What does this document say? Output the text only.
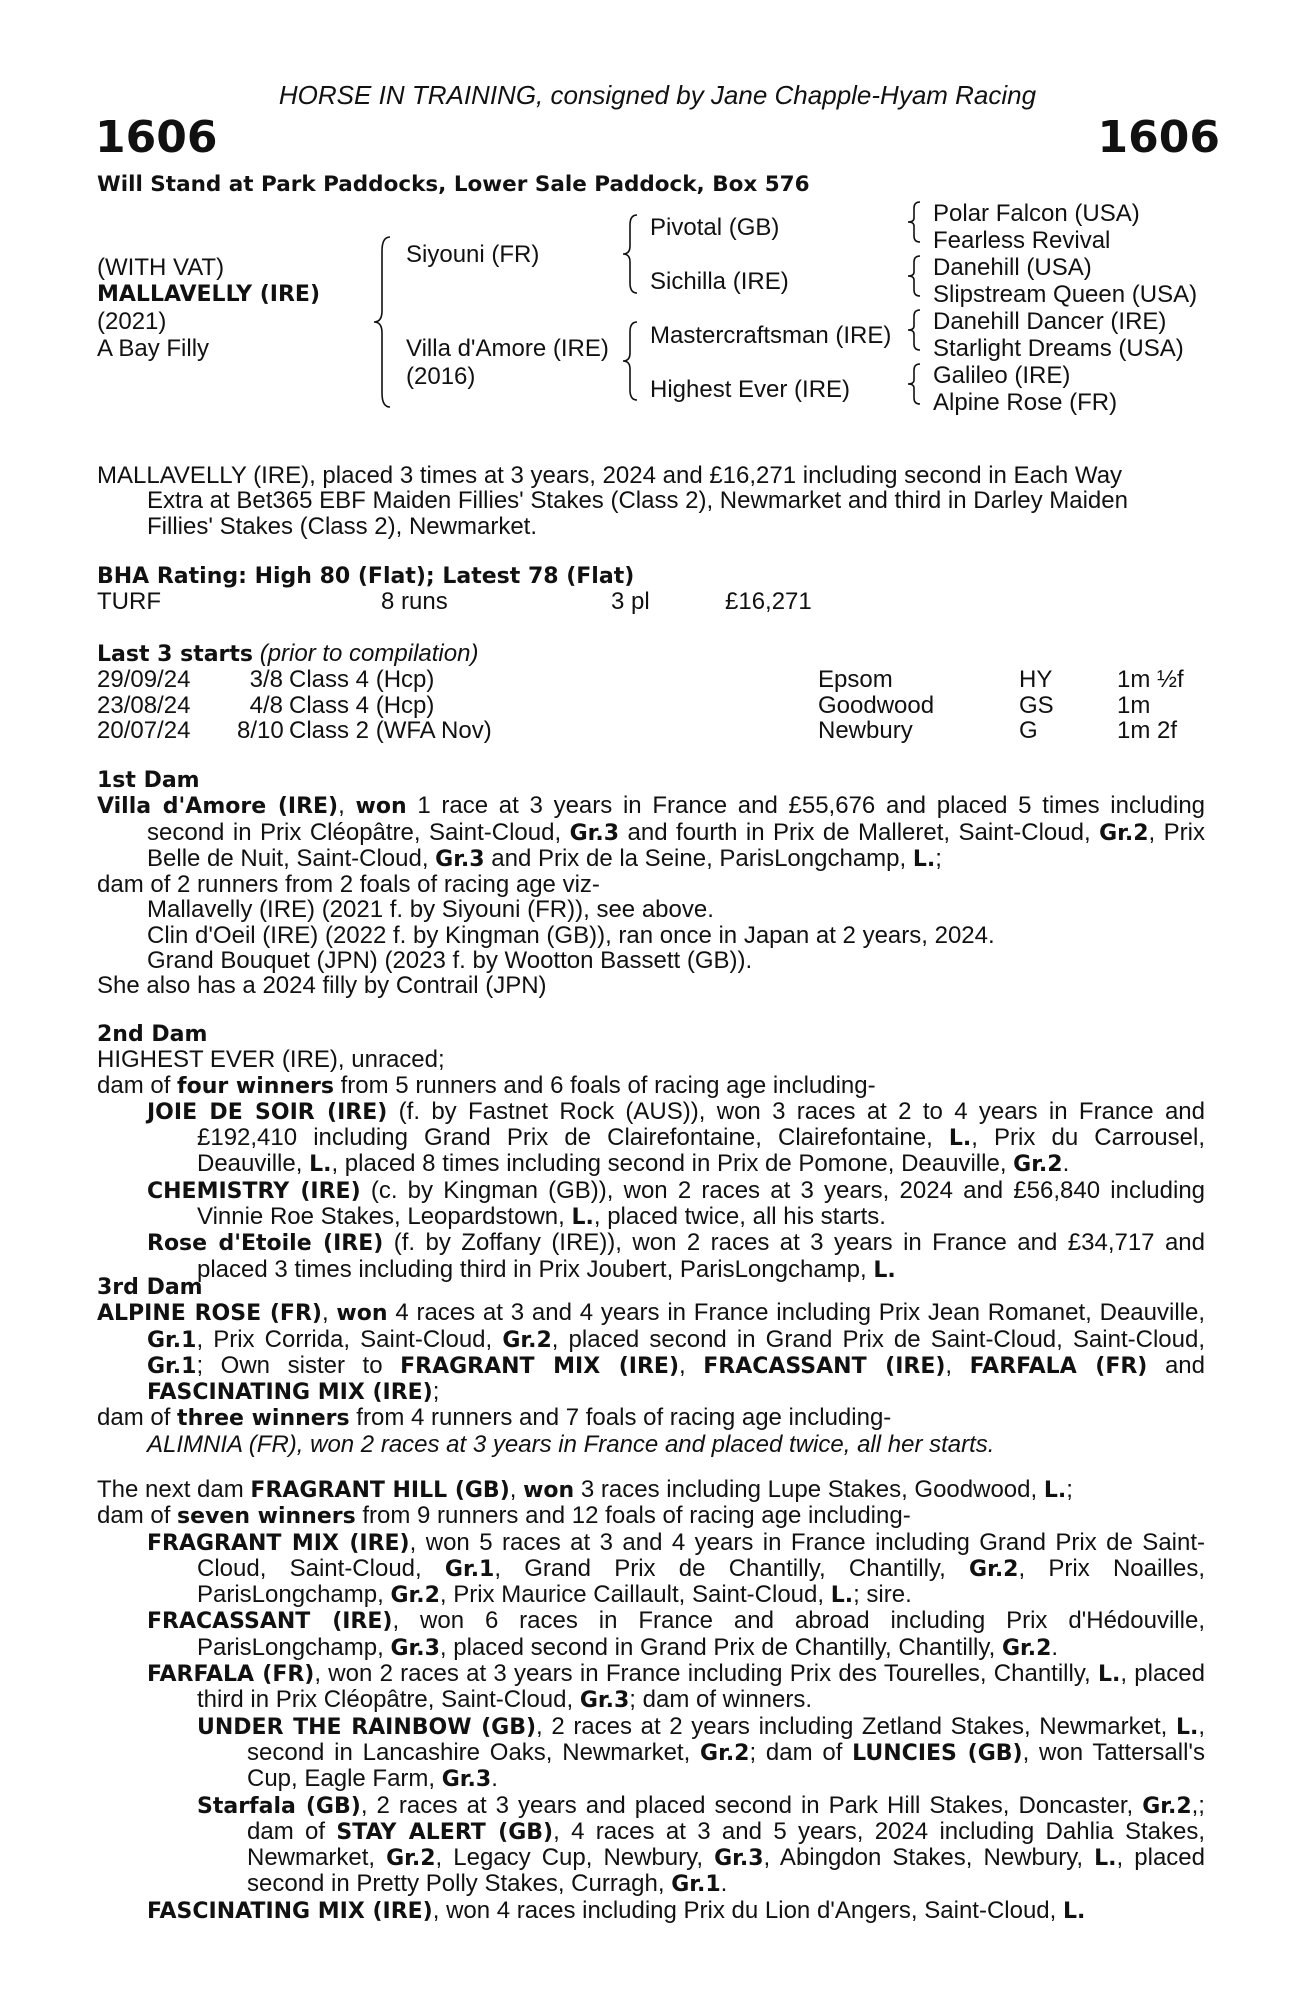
HORSE IN TRAINING, consigned by Jane Chapple-Hyam Racing
1606	1606
Will Stand at Park Paddocks, Lower Sale Paddock, Box 576
(WITH VAT)
MALLAVELLY (IRE)
(2021)
A Bay Filly
Siyouni (FR)
Villa d'Amore (IRE)
(2016)
Pivotal (GB)
Sichilla (IRE)
Mastercraftsman (IRE)
Highest Ever (IRE)
Polar Falcon (USA)
Fearless Revival
Danehill (USA)
Slipstream Queen (USA)
Danehill Dancer (IRE)
Starlight Dreams (USA)
Galileo (IRE)
Alpine Rose (FR)
MALLAVELLY (IRE), placed 3 times at 3 years, 2024 and £16,271 including second in Each Way
Extra at Bet365 EBF Maiden Fillies' Stakes (Class 2), Newmarket and third in Darley Maiden
Fillies' Stakes (Class 2), Newmarket.
BHA Rating: High 80 (Flat); Latest 78 (Flat)
TURF	8 runs	3 pl	£16,271
Last 3 starts (prior to compilation)
29/09/24	3/8 Class 4 (Hcp)	Epsom	HY	1m ½f
23/08/24	4/8 Class 4 (Hcp)	Goodwood	GS	1m
20/07/24 8/10 Class 2 (WFA Nov)	Newbury	G	1m 2f
1st Dam

Villa d'Amore (IRE), won 1 race at 3 years in France and £55,676 and placed 5 times including second in Prix Cléopâtre, Saint-Cloud, Gr.3 and fourth in Prix de Malleret, Saint-Cloud, Gr.2, Prix Belle de Nuit, Saint-Cloud, Gr.3 and Prix de la Seine, ParisLongchamp, L.;

dam of 2 runners from 2 foals of racing age viz-
Mallavelly (IRE) (2021 f. by Siyouni (FR)), see above.
Clin d'Oeil (IRE) (2022 f. by Kingman (GB)), ran once in Japan at 2 years, 2024.
Grand Bouquet (JPN) (2023 f. by Wootton Bassett (GB)).
She also has a 2024 filly by Contrail (JPN)
2nd Dam
HIGHEST EVER (IRE), unraced;
dam of four winners from 5 runners and 6 foals of racing age including-

JOIE DE SOIR (IRE) (f. by Fastnet Rock (AUS)), won 3 races at 2 to 4 years in France and £192,410 including Grand Prix de Clairefontaine, Clairefontaine, L., Prix du Carrousel, Deauville, L., placed 8 times including second in Prix de Pomone, Deauville, Gr.2.

CHEMISTRY (IRE) (c. by Kingman (GB)), won 2 races at 3 years, 2024 and £56,840 including Vinnie Roe Stakes, Leopardstown, L., placed twice, all his starts.

Rose d'Etoile (IRE) (f. by Zoffany (IRE)), won 2 races at 3 years in France and £34,717 and placed 3 times including third in Prix Joubert, ParisLongchamp, L.

3rd Dam

ALPINE ROSE (FR), won 4 races at 3 and 4 years in France including Prix Jean Romanet, Deauville, Gr.1, Prix Corrida, Saint-Cloud, Gr.2, placed second in Grand Prix de Saint-Cloud, Saint-Cloud, Gr.1; Own sister to FRAGRANT MIX (IRE), FRACASSANT (IRE), FARFALA (FR) and FASCINATING MIX (IRE);

dam of three winners from 4 runners and 7 foals of racing age including-
ALIMNIA (FR), won 2 races at 3 years in France and placed twice, all her starts.
The next dam FRAGRANT HILL (GB), won 3 races including Lupe Stakes, Goodwood, L.;
dam of seven winners from 9 runners and 12 foals of racing age including-

FRAGRANT MIX (IRE), won 5 races at 3 and 4 years in France including Grand Prix de Saint-Cloud, Saint-Cloud, Gr.1, Grand Prix de Chantilly, Chantilly, Gr.2, Prix Noailles, ParisLongchamp, Gr.2, Prix Maurice Caillault, Saint-Cloud, L.; sire.

FRACASSANT (IRE), won 6 races in France and abroad including Prix d'Hédouville, ParisLongchamp, Gr.3, placed second in Grand Prix de Chantilly, Chantilly, Gr.2.

FARFALA (FR), won 2 races at 3 years in France including Prix des Tourelles, Chantilly, L., placed third in Prix Cléopâtre, Saint-Cloud, Gr.3; dam of winners.

UNDER THE RAINBOW (GB), 2 races at 2 years including Zetland Stakes, Newmarket, L., second in Lancashire Oaks, Newmarket, Gr.2; dam of LUNCIES (GB), won Tattersall's Cup, Eagle Farm, Gr.3.

Starfala (GB), 2 races at 3 years and placed second in Park Hill Stakes, Doncaster, Gr.2,; dam of STAY ALERT (GB), 4 races at 3 and 5 years, 2024 including Dahlia Stakes, Newmarket, Gr.2, Legacy Cup, Newbury, Gr.3, Abingdon Stakes, Newbury, L., placed second in Pretty Polly Stakes, Curragh, Gr.1.

FASCINATING MIX (IRE), won 4 races including Prix du Lion d'Angers, Saint-Cloud, L.
